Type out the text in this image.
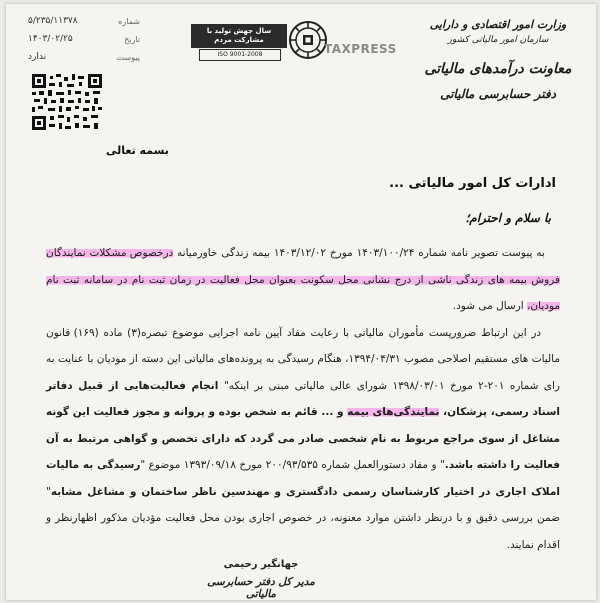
شماره
۵/۲۳۵/۱۱۳۷۸
تاریخ
۱۴۰۳/۰۲/۲۵
پیوست
ندارد
سال جهش تولید با مشارکت مردم
ISO 9001-2008	TAXPRESS
وزارت امور اقتصادی و دارایی
سازمان امور مالیاتی کشور
معاونت درآمدهای مالیاتی
دفتر حسابرسی مالیاتی
بسمه تعالی
ادارات کل امور مالیاتی ...
با سلام و احترام؛

به پیوست تصویر نامه شماره ۱۴۰۳/۱۰۰/۲۴ مورخ ۱۴۰۳/۱۲/۰۲ بیمه زندگی خاورمیانه درخصوص مشکلات نمایندگان فروش بیمه های زندگی ناشی از درج نشانی محل سکونت بعنوان محل فعالیت در زمان ثبت نام در سامانه ثبت نام مودیان، ارسال می شود.

در این ارتباط ضرورپست مأموران مالیاتی با رعایت مفاد آیین نامه اجرایی موضوع تبصره(۳) ماده (۱۶۹) قانون مالیات های مستقیم اصلاحی مصوب ۱۳۹۴/۰۴/۳۱، هنگام رسیدگی به پرونده‌های مالیاتی این دسته از مودیان با عنایت به رای شماره ۲۰۱-۲ مورخ ۱۳۹۸/۰۳/۰۱ شورای عالی مالیاتی مبنی بر اینکه" انجام فعالیت‌هایی از قبیل دفاتر اسناد رسمی، پزشکان، نمایندگی‌های بیمه و ... قائم به شخص بوده و پروانه و مجوز فعالیت این گونه مشاغل از سوی مراجع مربوط به نام شخصی صادر می گردد که دارای تخصص و گواهی مرتبط به آن فعالیت را داشته باشد." و مفاد دستورالعمل شماره ۲۰۰/۹۳/۵۳۵ مورخ ۱۳۹۳/۰۹/۱۸ موضوع "رسیدگی به مالیات املاک اجاری در اختیار کارشناسان رسمی دادگستری و مهندسین ناظر ساختمان و مشاغل مشابه" ضمن بررسی دقیق و با درنظر داشتن موارد معنونه، در خصوص اجاری بودن محل فعالیت مؤدیان مذکور اظهارنظر و اقدام نمایند.

جهانگیر رحیمی
مدیر کل دفتر حسابرسی مالیاتی
